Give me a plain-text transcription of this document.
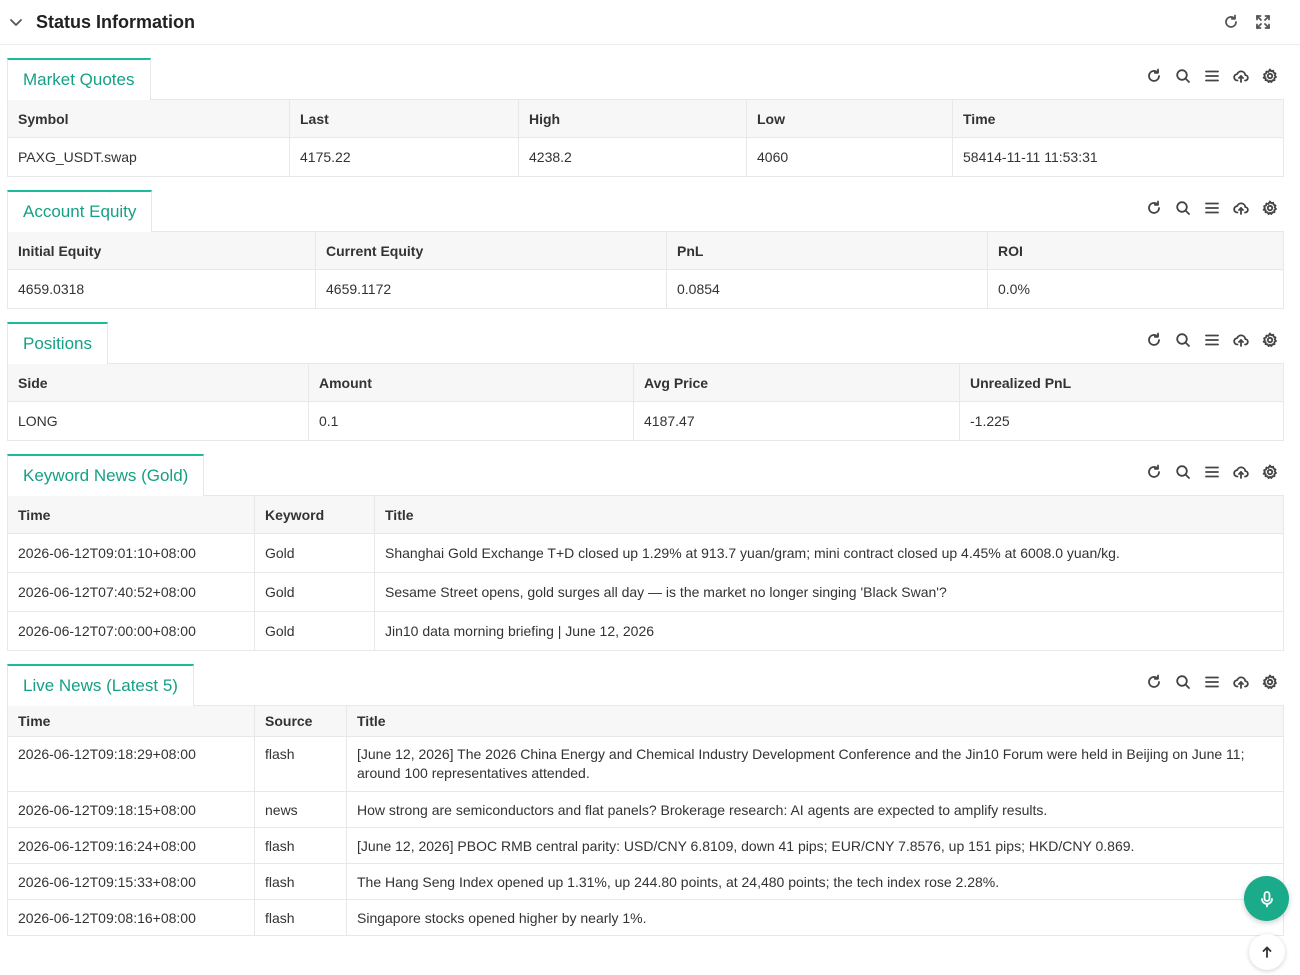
Status Information
Market Quotes
Symbol	Last	High	Low	Time
PAXG_USDT.swap	4175.22	4238.2	4060	58414-11-11 11:53:31
Account Equity
Initial Equity	Current Equity	PnL	ROI
4659.0318	4659.1172	0.0854	0.0%
Positions
Side	Amount	Avg Price	Unrealized PnL
LONG	0.1	4187.47	-1.225
Keyword News (Gold)
Time	Keyword	Title
2026-06-12T09:01:10+08:00	Gold	Shanghai Gold Exchange T+D closed up 1.29% at 913.7 yuan/gram; mini contract closed up 4.45% at 6008.0 yuan/kg.
2026-06-12T07:40:52+08:00	Gold	Sesame Street opens, gold surges all day — is the market no longer singing 'Black Swan'?
2026-06-12T07:00:00+08:00	Gold	Jin10 data morning briefing | June 12, 2026
Live News (Latest 5)
Time	Source	Title
2026-06-12T09:18:29+08:00	flash	[June 12, 2026] The 2026 China Energy and Chemical Industry Development Conference and the Jin10 Forum were held in Beijing on June 11; around 100 representatives attended.
2026-06-12T09:18:15+08:00	news	How strong are semiconductors and flat panels? Brokerage research: AI agents are expected to amplify results.
2026-06-12T09:16:24+08:00	flash	[June 12, 2026] PBOC RMB central parity: USD/CNY 6.8109, down 41 pips; EUR/CNY 7.8576, up 151 pips; HKD/CNY 0.869.
2026-06-12T09:15:33+08:00	flash	The Hang Seng Index opened up 1.31%, up 244.80 points, at 24,480 points; the tech index rose 2.28%.
2026-06-12T09:08:16+08:00	flash	Singapore stocks opened higher by nearly 1%.
